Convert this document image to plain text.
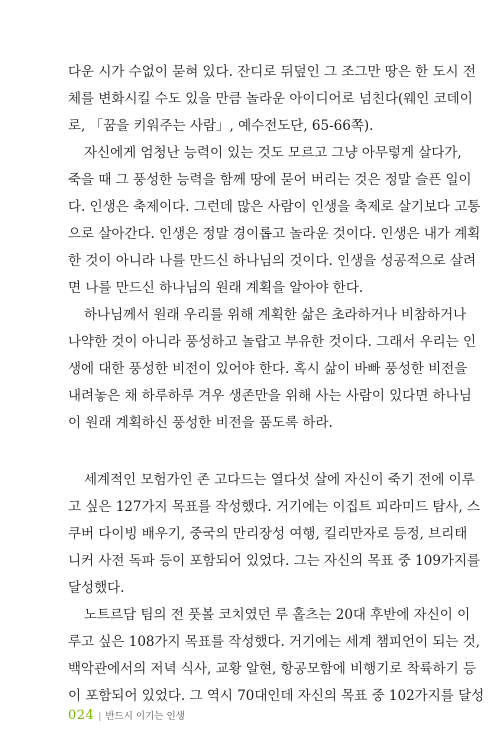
다운 시가 수없이 묻혀 있다. 잔디로 뒤덮인 그 조그만 땅은 한 도시 전
체를 변화시킬 수도 있을 만큼 놀라운 아이디어로 넘친다(웨인 코데이
로, 「꿈을 키워주는 사람」, 예수전도단, 65-66쪽).
자신에게 엄청난 능력이 있는 것도 모르고 그냥 아무렇게 살다가,
죽을 때 그 풍성한 능력을 함께 땅에 묻어 버리는 것은 정말 슬픈 일이
다. 인생은 축제이다. 그런데 많은 사람이 인생을 축제로 살기보다 고통
으로 살아간다. 인생은 정말 경이롭고 놀라운 것이다. 인생은 내가 계획
한 것이 아니라 나를 만드신 하나님의 것이다. 인생을 성공적으로 살려
면 나를 만드신 하나님의 원래 계획을 알아야 한다.
하나님께서 원래 우리를 위해 계획한 삶은 초라하거나 비참하거나
나약한 것이 아니라 풍성하고 놀랍고 부유한 것이다. 그래서 우리는 인
생에 대한 풍성한 비전이 있어야 한다. 혹시 삶이 바빠 풍성한 비전을
내려놓은 채 하루하루 겨우 생존만을 위해 사는 사람이 있다면 하나님
이 원래 계획하신 풍성한 비전을 품도록 하라.
세계적인 모험가인 존 고다드는 열다섯 살에 자신이 죽기 전에 이루
고 싶은 127가지 목표를 작성했다. 거기에는 이집트 피라미드 탐사, 스
쿠버 다이빙 배우기, 중국의 만리장성 여행, 킬리만자로 등정, 브리태
니커 사전 독파 등이 포함되어 있었다. 그는 자신의 목표 중 109가지를
달성했다.
노트르담 팀의 전 풋볼 코치였던 루 홀츠는 20대 후반에 자신이 이
루고 싶은 108가지 목표를 작성했다. 거기에는 세계 챔피언이 되는 것,
백악관에서의 저녁 식사, 교황 알현, 항공모함에 비행기로 착륙하기 등
이 포함되어 있었다. 그 역시 70대인데 자신의 목표 중 102가지를 달성
024 | 반드시 이기는 인생
